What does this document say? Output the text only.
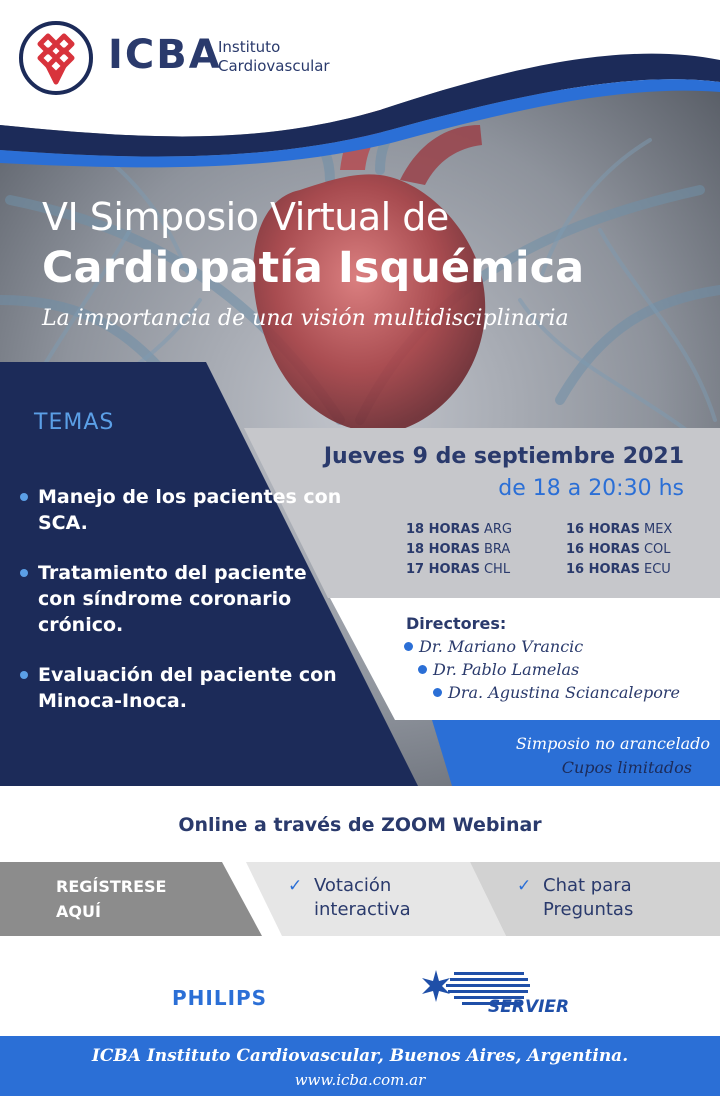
ICBA
Instituto Cardiovascular
VI Simposio Virtual de
Cardiopatía Isquémica
La importancia de una visión multidisciplinaria
TEMAS
Manejo de los pacientes con SCA.
Tratamiento del paciente con síndrome coronario crónico.
Evaluación del paciente con Minoca-Inoca.
Jueves 9 de septiembre 2021
de 18 a 20:30 hs
18 HORAS ARG
18 HORAS BRA
17 HORAS CHL
16 HORAS MEX
16 HORAS COL
16 HORAS ECU
Directores:
Dr. Mariano Vrancic
Dr. Pablo Lamelas
Dra. Agustina Sciancalepore
Simposio no arancelado
Cupos limitados
Online a través de ZOOM Webinar
REGÍSTRESE
AQUÍ
✓ Votación
interactiva
✓ Chat para
Preguntas
PHILIPS	SERVIER
ICBA Instituto Cardiovascular, Buenos Aires, Argentina.
www.icba.com.ar
